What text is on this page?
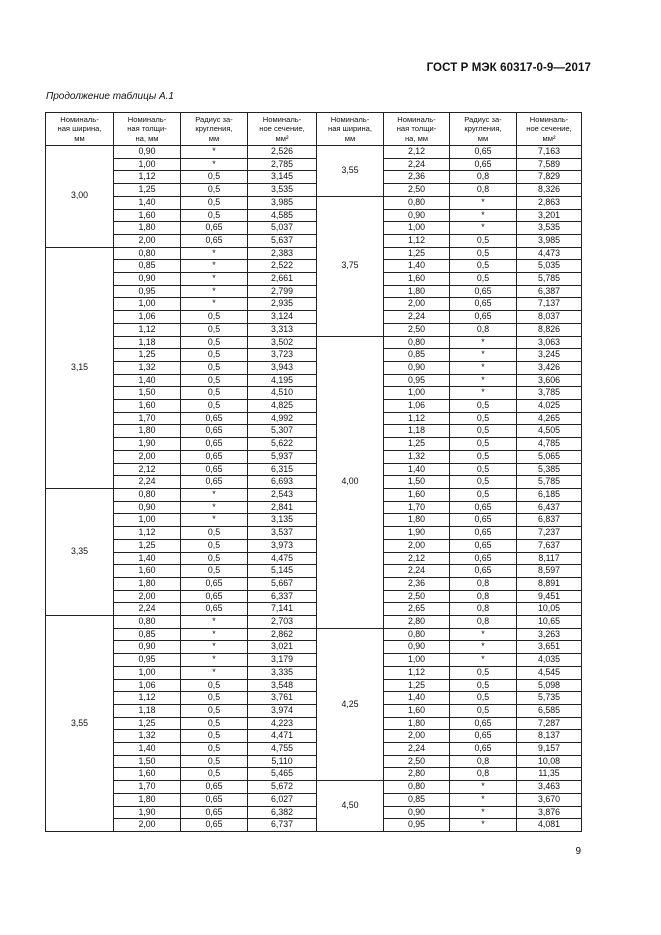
ГОСТ Р МЭК 60317-0-9—2017
Продолжение таблицы А.1
Номиналь-
ная ширина,
мм	Номиналь-
ная толщи-
на, мм	Радиус за-
кругления,
мм	Номиналь-
ное сечение,
мм²	Номиналь-
ная ширина,
мм	Номиналь-
ная толщи-
на, мм	Радиус за-
кругления,
мм	Номиналь-
ное сечение,
мм²

3,00	0,90	*	2,526	3,55	2,12	0,65	7,163
	1,00	*	2,785		2,24	0,65	7,589
	1,12	0,5	3,145		2,36	0,8	7,829
	1,25	0,5	3,535		2,50	0,8	8,326
	1,40	0,5	3,985	3,75	0,80	*	2,863
	1,60	0,5	4,585		0,90	*	3,201
	1,80	0,65	5,037		1,00	*	3,535
	2,00	0,65	5,637		1,12	0,5	3,985
3,15	0,80	*	2,383		1,25	0,5	4,473
	0,85	*	2,522		1,40	0,5	5,035
	0,90	*	2,661		1,60	0,5	5,785
	0,95	*	2,799		1,80	0,65	6,387
	1,00	*	2,935		2,00	0,65	7,137
	1,06	0,5	3,124		2,24	0,65	8,037
	1,12	0,5	3,313		2,50	0,8	8,826
	1,18	0,5	3,502	4,00	0,80	*	3,063
	1,25	0,5	3,723		0,85	*	3,245
	1,32	0,5	3,943		0,90	*	3,426
	1,40	0,5	4,195		0,95	*	3,606
	1,50	0,5	4,510		1,00	*	3,785
	1,60	0,5	4,825		1,06	0,5	4,025
	1,70	0,65	4,992		1,12	0,5	4,265
	1,80	0,65	5,307		1,18	0,5	4,505
	1,90	0,65	5,622		1,25	0,5	4,785
	2,00	0,65	5,937		1,32	0,5	5,065
	2,12	0,65	6,315		1,40	0,5	5,385
	2,24	0,65	6,693		1,50	0,5	5,785
3,35	0,80	*	2,543		1,60	0,5	6,185
	0,90	*	2,841		1,70	0,65	6,437
	1,00	*	3,135		1,80	0,65	6,837
	1,12	0,5	3,537		1,90	0,65	7,237
	1,25	0,5	3,973		2,00	0,65	7,637
	1,40	0,5	4,475		2,12	0,65	8,117
	1,60	0,5	5,145		2,24	0,65	8,597
	1,80	0,65	5,667		2,36	0,8	8,891
	2,00	0,65	6,337		2,50	0,8	9,451
	2,24	0,65	7,141		2,65	0,8	10,05
3,55	0,80	*	2,703		2,80	0,8	10,65
	0,85	*	2,862	4,25	0,80	*	3,263
	0,90	*	3,021		0,90	*	3,651
	0,95	*	3,179		1,00	*	4,035
	1,00	*	3,335		1,12	0,5	4,545
	1,06	0,5	3,548		1,25	0,5	5,098
	1,12	0,5	3,761		1,40	0,5	5,735
	1,18	0,5	3,974		1,60	0,5	6,585
	1,25	0,5	4,223		1,80	0,65	7,287
	1,32	0,5	4,471		2,00	0,65	8,137
	1,40	0,5	4,755		2,24	0,65	9,157
	1,50	0,5	5,110		2,50	0,8	10,08
	1,60	0,5	5,465		2,80	0,8	11,35
	1,70	0,65	5,672	4,50	0,80	*	3,463
	1,80	0,65	6,027		0,85	*	3,670
	1,90	0,65	6,382		0,90	*	3,876
	2,00	0,65	6,737		0,95	*	4,081
9
